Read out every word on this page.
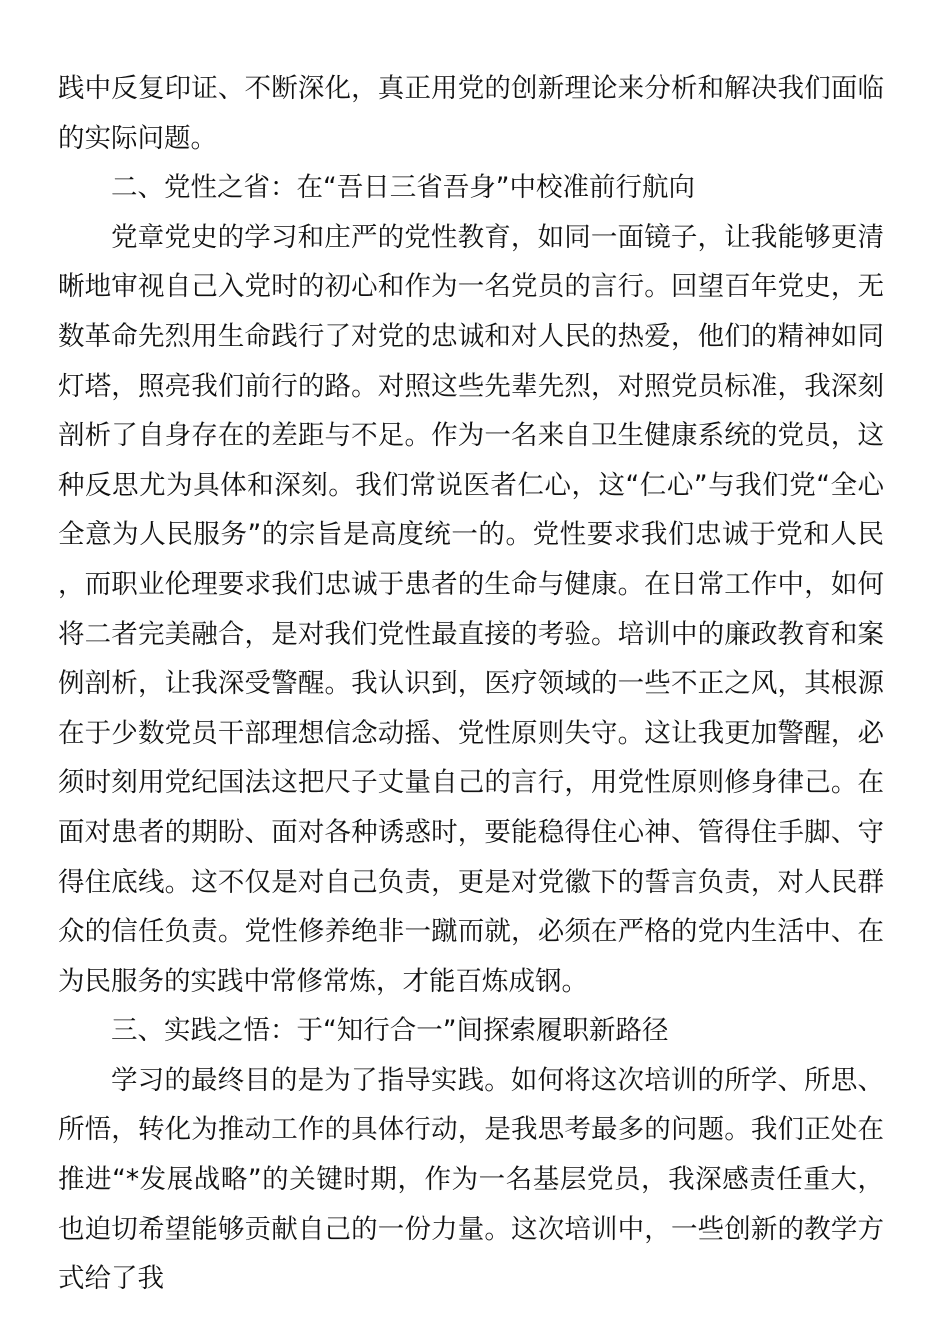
践中反复印证、不断深化，真正用党的创新理论来分析和解决我们面临的实际问题。

二、党性之省：在“吾日三省吾身”中校准前行航向

党章党史的学习和庄严的党性教育，如同一面镜子，让我能够更清晰地审视自己入党时的初心和作为一名党员的言行。回望百年党史，无数革命先烈用生命践行了对党的忠诚和对人民的热爱，他们的精神如同灯塔，照亮我们前行的路。对照这些先辈先烈，对照党员标准，我深刻剖析了自身存在的差距与不足。作为一名来自卫生健康系统的党员，这种反思尤为具体和深刻。我们常说医者仁心，这“仁心”与我们党“全心全意为人民服务”的宗旨是高度统一的。党性要求我们忠诚于党和人民，而职业伦理要求我们忠诚于患者的生命与健康。在日常工作中，如何将二者完美融合，是对我们党性最直接的考验。培训中的廉政教育和案例剖析，让我深受警醒。我认识到，医疗领域的一些不正之风，其根源在于少数党员干部理想信念动摇、党性原则失守。这让我更加警醒，必须时刻用党纪国法这把尺子丈量自己的言行，用党性原则修身律己。在面对患者的期盼、面对各种诱惑时，要能稳得住心神、管得住手脚、守得住底线。这不仅是对自己负责，更是对党徽下的誓言负责，对人民群众的信任负责。党性修养绝非一蹴而就，必须在严格的党内生活中、在为民服务的实践中常修常炼，才能百炼成钢。

三、实践之悟：于“知行合一”间探索履职新路径

学习的最终目的是为了指导实践。如何将这次培训的所学、所思、所悟，转化为推动工作的具体行动，是我思考最多的问题。我们正处在推进“*发展战略”的关键时期，作为一名基层党员，我深感责任重大，也迫切希望能够贡献自己的一份力量。这次培训中，一些创新的教学方式给了我
